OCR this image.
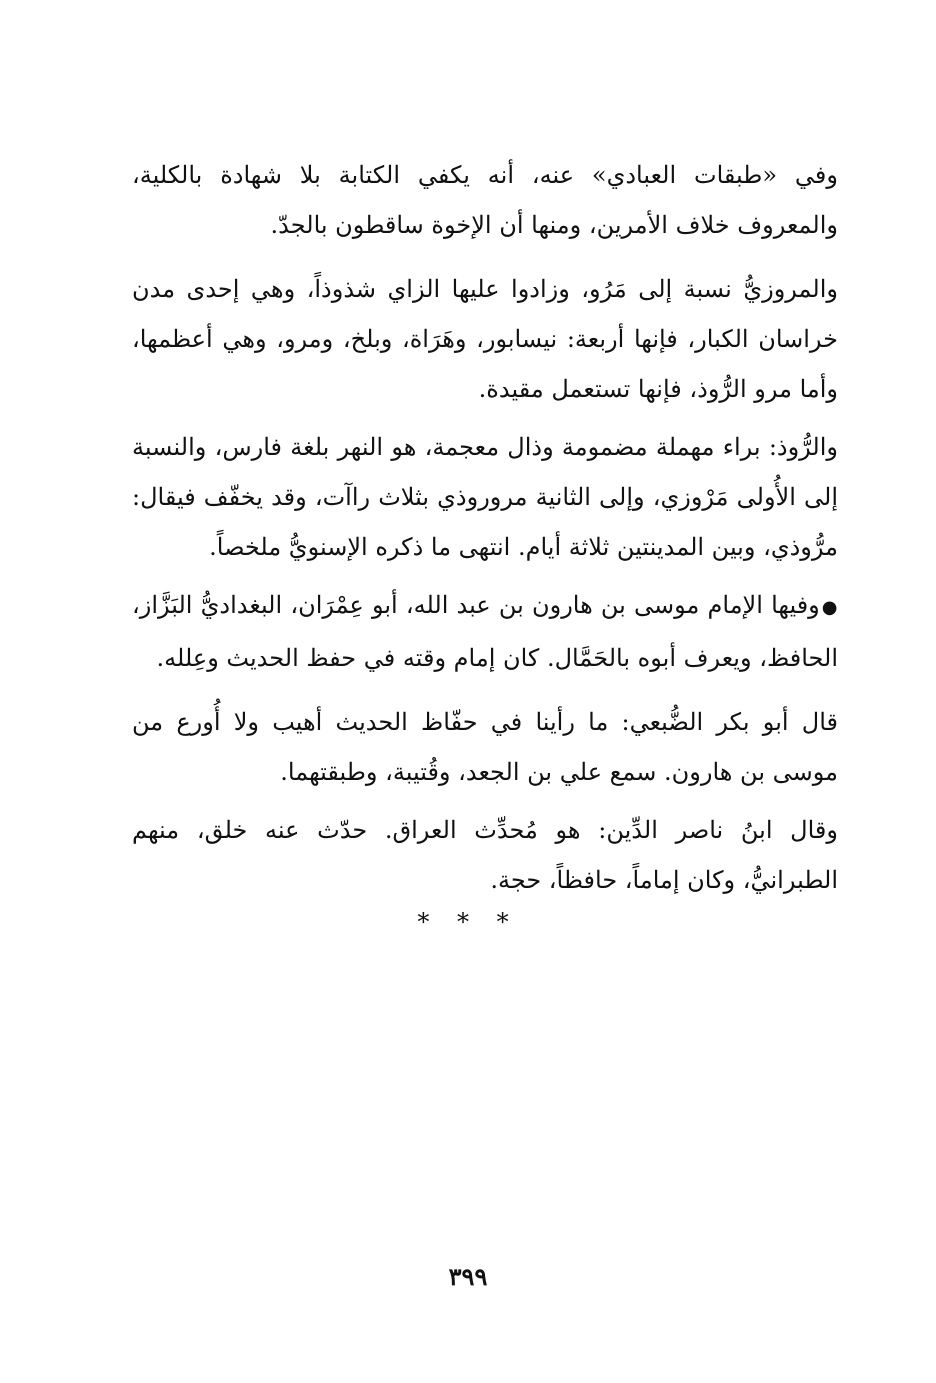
وفي «طبقات العبادي» عنه، أنه يكفي الكتابة بلا شهادة بالكلية، والمعروف خلاف الأمرين، ومنها أن الإخوة ساقطون بالجدّ.

والمروزيُّ نسبة إلى مَرُو، وزادوا عليها الزاي شذوذاً، وهي إحدى مدن خراسان الكبار، فإنها أربعة: نيسابور، وهَرَاة، وبلخ، ومرو، وهي أعظمها، وأما مرو الرُّوذ، فإنها تستعمل مقيدة.

والرُّوذ: براء مهملة مضمومة وذال معجمة، هو النهر بلغة فارس، والنسبة إلى الأُولى مَرْوزي، وإلى الثانية مروروذي بثلاث راآت، وقد يخفّف فيقال: مرُّوذي، وبين المدينتين ثلاثة أيام. انتهى ما ذكره الإسنويُّ ملخصاً.

●وفيها الإمام موسى بن هارون بن عبد الله، أبو عِمْرَان، البغداديُّ البَزَّاز، الحافظ، ويعرف أبوه بالحَمَّال. كان إمام وقته في حفظ الحديث وعِلله.

قال أبو بكر الضُّبعي: ما رأينا في حفّاظ الحديث أهيب ولا أُورع من موسى بن هارون. سمع علي بن الجعد، وقُتيبة، وطبقتهما.

وقال ابنُ ناصر الدِّين: هو مُحدِّث العراق. حدّث عنه خلق، منهم الطبرانيُّ، وكان إماماً، حافظاً، حجة.

* * *
٣٩٩
